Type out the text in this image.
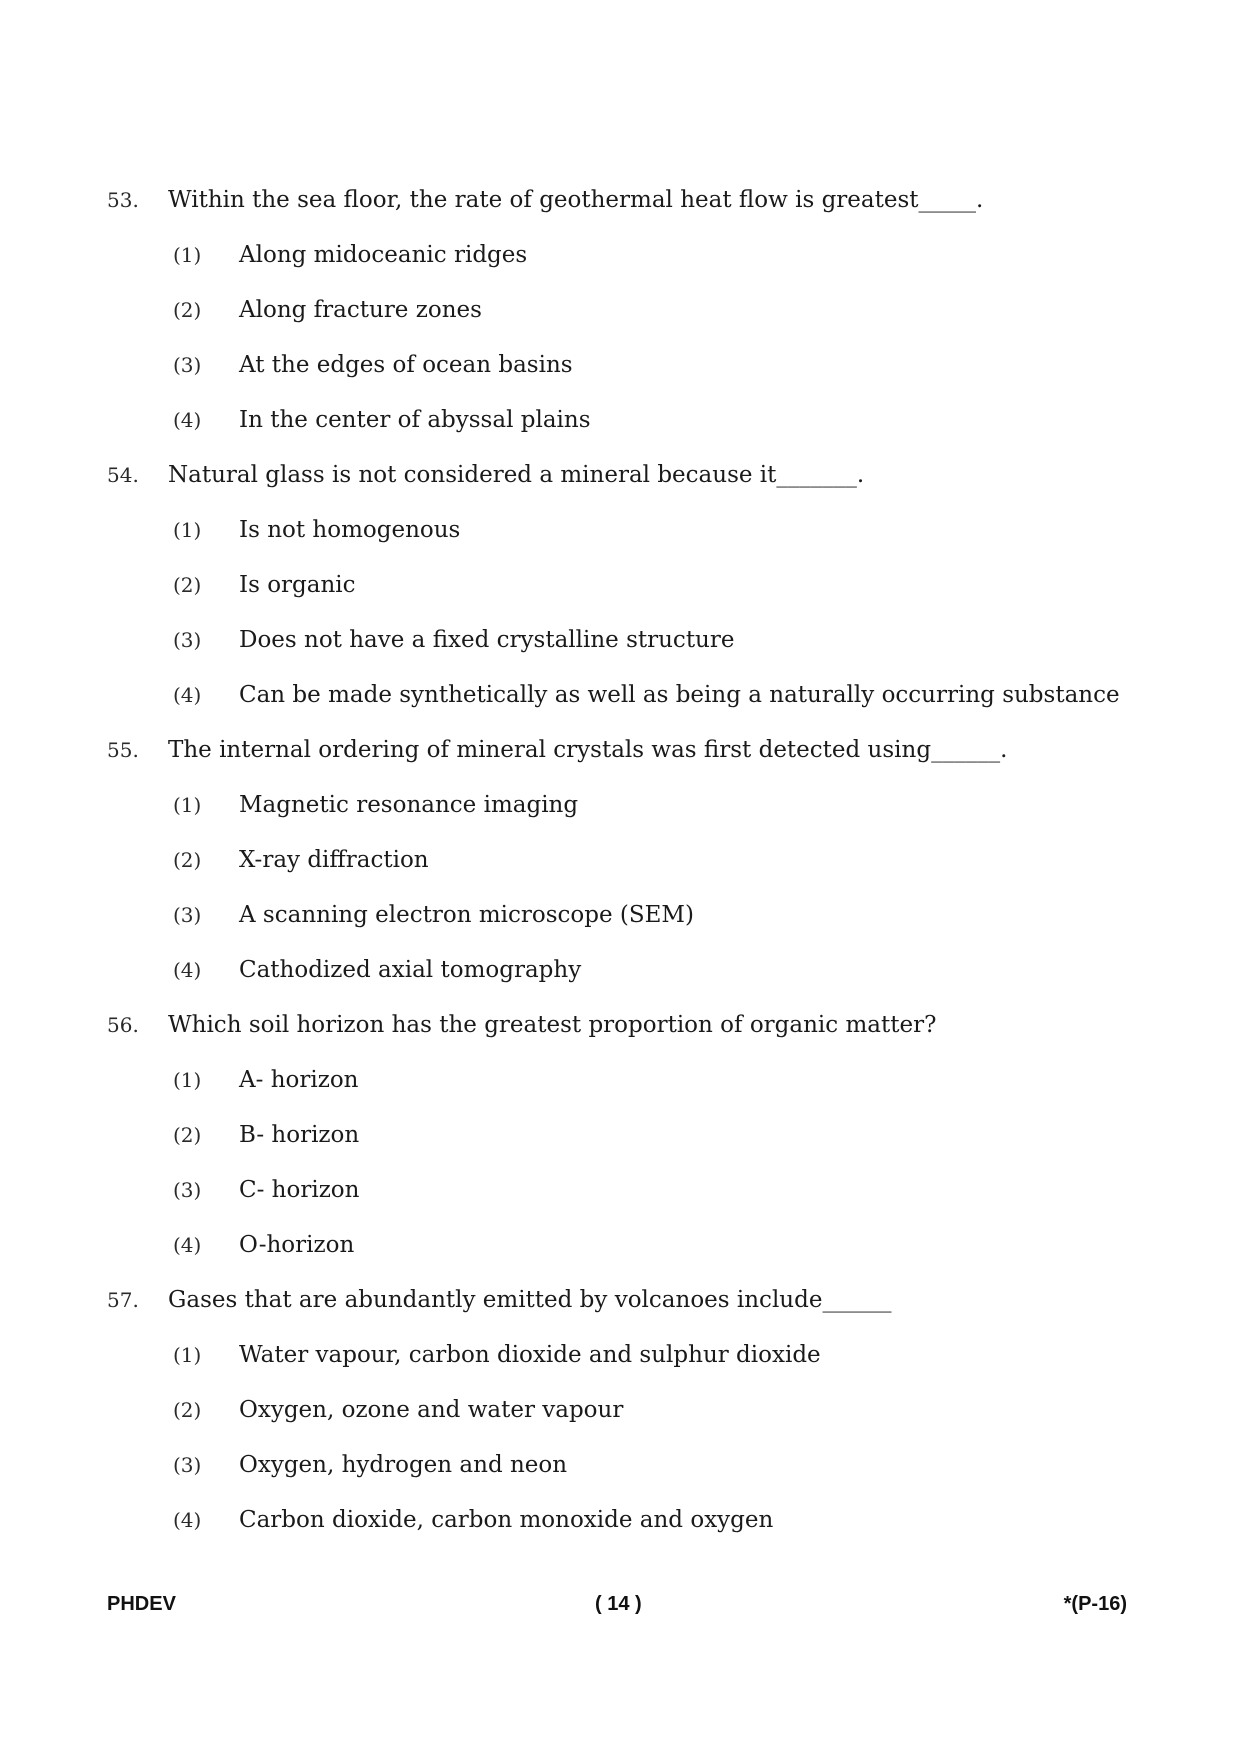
53.	Within the sea floor, the rate of geothermal heat flow is greatest_____.
(1)	Along midoceanic ridges
(2)	Along fracture zones
(3)	At the edges of ocean basins
(4)	In the center of abyssal plains
54.	Natural glass is not considered a mineral because it_______.
(1)	Is not homogenous
(2)	Is organic
(3)	Does not have a fixed crystalline structure
(4)	Can be made synthetically as well as being a naturally occurring substance
55.	The internal ordering of mineral crystals was first detected using______.
(1)	Magnetic resonance imaging
(2)	X-ray diffraction
(3)	A scanning electron microscope (SEM)
(4)	Cathodized axial tomography
56.	Which soil horizon has the greatest proportion of organic matter?
(1)	A- horizon
(2)	B- horizon
(3)	C- horizon
(4)	O-horizon
57.	Gases that are abundantly emitted by volcanoes include______
(1)	Water vapour, carbon dioxide and sulphur dioxide
(2)	Oxygen, ozone and water vapour
(3)	Oxygen, hydrogen and neon
(4)	Carbon dioxide, carbon monoxide and oxygen
PHDEV	( 14 )	*(P-16)
